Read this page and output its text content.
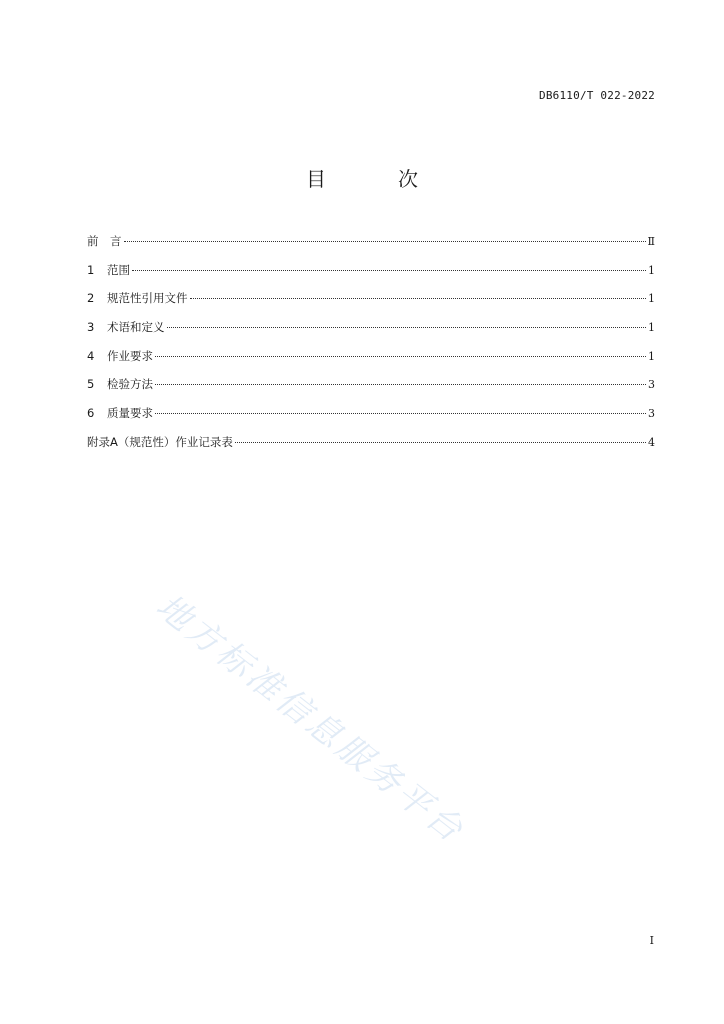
DB6110/T 022-2022
目　次
前　言	Ⅱ
1	范围	1
2	规范性引用文件	1
3	术语和定义	1
4	作业要求	1
5	检验方法	3
6	质量要求	3
附录A（规范性）作业记录表	4
地方标准信息服务平台
I
